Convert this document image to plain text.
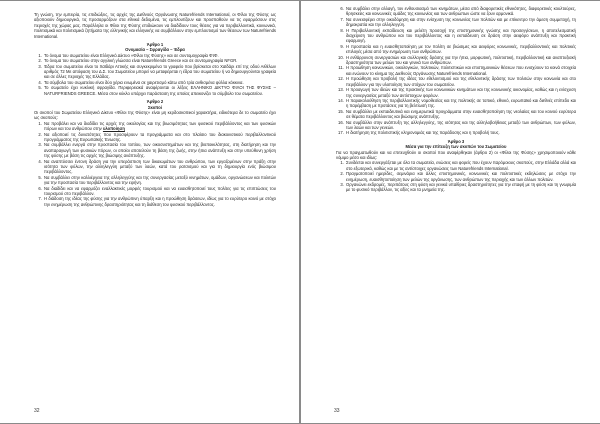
Τη γνώση, την εμπειρία, τις επιδιώξεις, τις αρχές της Διεθνούς Οργάνωσης Naturefriends International, οι Φίλοι της Φύσης ως αξιοποιούν δημιουργικά, τις προσαρμόζουν στα εθνικά δεδομένα, τις εμπλουτίζουν και προσπαθούν να τις εφαρμόσουν στις περιοχές της χώρας μας. Παράλληλα οι Φίλοι της Φύσης επιδιώκουν να διαδίδουν τους θέσεις για να περιβαλλοντικά, κοινωνικά, πολιτισμικά και πολιτισμικά ζητήματα της ελληνικής και ελληνικής να συμβάλλουν στην εμπλουτισμό των θέσεων των Naturefriends International.

Άρθρο 1

Ονομασία – Σφραγίδα – Έδρα

1. Το όνομα του σωματείου είναι Ελληνικό Δίκτυο «Φίλοι της Φύσης» και σε συντομογραφία ΦτΦ.
2. Το όνομα του σωματείου στην αγγλική γλώσσα είναι Naturefriends Greece και σε συντομογραφία NFGR.
3. Έδρα του σωματείου είναι το Χαϊδάρι Αττικής και συγκεκριμένα το γραφείο που βρίσκεται στο Χαϊδάρι επί της οδού Αιθέλων αριθμός 72 Με απόφαση του Δ.Σ. του Σωματείου μπορεί να μεταφέρεται η έδρα του σωματείου ή να δημιουργούνται γραφεία και σε άλλες περιοχές της Ελλάδας.
4. Τα σύμβολα του σωματείου είναι δύο χέρια ενωμένα σε χαιρετισμό κάτω από τρία ανθισμένα φύλλα κόκκινα.
5. Το σωματείο έχει κυκλική σφραγίδα. Περιφερειακά αναφέρονται οι λέξεις ΕΛΛΗΝΙΚΟ ΔΙΚΤΥΟ ΦΙΛΟΙ ΤΗΣ ΦΥΣΗΣ – NATURFRIENDS GREECE. Μέσα στον κύκλο υπάρχει παράσταση της οποίας απεικονίζει το σύμβολο του σωματείου.

Άρθρο 2

Σκοποί

Οι σκοποί του Σωματείου Ελληνικό Δίκτυο «Φίλοι της Φύσης» είναι μη κερδοσκοπικοί χαρακτήρα, ειδικότερα δε το σωματείο έχει ως σκοπούς:

1. Να προβάλει και να διαδίδει τις αρχές της οικολογίας και της βιωσιμότητας των φυσικού περιβάλλοντος και των φυσικών πόρων και του ανθρώπου στην υλοποίηση
2. Να αξιοποιεί τις δυνατότητες που προσφέρουν τα προγράμματα και στο πλαίσιο του διακοινοτικού περιβαλλοντικού προγράμματος της Ευρωπαϊκής Ένωσης.
3. Να συμβάλλει ενεργά στην προστασία του τοπίου, των οικοσυστημάτων και της βιοποικιλότητας, στη διατήρηση και την αναπαραγωγή των φυσικών πόρων, οι οποίοι αποτελούν τη βάση της ζωής, στην ήπια ανάπτυξη και στην υπεύθυνη χρήση της φύσης με βάση τις αρχές της βιώσιμης ανάπτυξης.
4. Να αναπτύσσει έντονη δράση για την υπεράσπιση των δικαιωμάτων του ανθρώπου, των εργαζομένων στην πράξη στην ισότητα των φύλων, την αλληλεγγύη μεταξύ των λαών, κατά του ρατσισμού και για τη δημιουργία ενός βιώσιμου περιβάλλοντος.
5. Να συμβάλλει στην καλλιέργεια της αλληλεγγύης και της συνεργασίας μεταξύ κινημάτων, ομάδων, οργανώσεων και πολιτών για την προστασία του περιβάλλοντος και την ειρήνη.
6. Να διαδίδει και να εφαρμόζει εναλλακτικές μορφές τουρισμού και να ευαισθητοποιεί τους πολίτες για τις επιπτώσεις του τουρισμού στο περιβάλλον.
7. Η διάδοση της ιδέας της φύσης για την ανθρώπινη ύπαρξη και η προώθηση δράσεων, ιδίως για το ευρύτερο κοινό με στόχο την ενημέρωση της ανθρώπινης δραστηριότητας και τη διάθεση του φυσικού περιβάλλοντος.
32
6. Να συμβάλει στην αλλαγή, τον ενθουσιασμό των κινημάτων, μέσα από διαφορετικές εθνικότητες, διαφορετικές κουλτούρες, θρησκείες και κοινωνικές ομάδες της κοινωνίας και των ανθρώπων ώστε να ζουν αρμονικά.
7. Να συνεισφέρει στην οικοδόμηση και στην ενίσχυση της κοινωνίας των πολιτών και με επίκεντρο την άμεση συμμετοχή, τη δημοκρατία και την αλληλεγγύη.
8. Η Περιβαλλοντική εκπαίδευση και μελέτη προσοχή της επιστημονικής γνώσης και προσεγγίσεων, η αποτελεσματική διαχείριση του ανθρώπου και του περιβάλλοντος και η εκπαίδευση σε δράση στην αειφόρο ανάπτυξη και πρακτική εφαρμογή.
9. Η προστασία και η ευαισθητοποίηση με τον πολίτη σε βιώσιμες και αειφόρες κοινωνικές, περιβαλλοντικές και πολιτικές επιλογές μέσα από την ενημέρωση των ανθρώπων.
10. Η ενθάρρυνση συνεργασιών και συλλογικής δράσης για την ήπια, μορφωτική, πολιτιστική, περιβαλλοντική και αναπτυξιακή δραστηριότητα των μελών του και γενικά των ανθρώπων.
11. Η προώθηση κοινωνικών, οικολογικών, πολιτικών, πολιτιστικών και επιστημονικών θέσεων που ενισχύουν τα κοινά στοιχεία και ενώνουν το κίνημα της Διεθνούς Οργάνωσης Naturefriends International.
12. Η προώθηση και προβολή της ιδέας του εθελοντισμού και της εθελοντικής δράσης των πολιτών στην κοινωνία και στο περιβάλλον για την υλοποίηση των στόχων του σωματείου.
13. Η προαγωγή των ιδεών και της πρακτικής των κοινωνικών κινημάτων και της κοινωνικής οικονομίας, καθώς και η ενίσχυση της συνεργασίας μεταξύ των αντίστοιχων φορέων.
14. Η παρακολούθηση της περιβαλλοντικής νομοθεσίας και της πολιτικής σε τοπικό, εθνικό, ευρωπαϊκό και διεθνές επίπεδο και η παρέμβαση με προτάσεις για τη βελτίωσή της.
15. Να συμβάλλει με εκπαιδευτικά και ενημερωτικά προγράμματα στην ευαισθητοποίηση της νεολαίας και του κοινού ευρύτερα σε θέματα περιβάλλοντος και βιώσιμης ανάπτυξης.
16. Να συμβάλλει στην ανάπτυξη της αλληλεγγύης, της ισότητας και της αλληλοβοήθειας μεταξύ των ανθρώπων, των φύλων, των λαών και των γενεών.
17. Η διατήρηση της πολιτιστικής κληρονομιάς και της παράδοσης και η προβολή τους.

Άρθρο 3

Μέσα για την επίτευξη των σκοπών του Σωματείου

Για να πραγματωθούν και να επιτευχθούν οι σκοποί που αναφέρθηκαν (άρθρο 2) οι «Φίλοι της Φύσης» χρησιμοποιούν κάθε νόμιμο μέσο και ιδίως:

1. Συνδέεται και συνεργάζεται με όλα τα σωματεία, ενώσεις και φορείς που έχουν παρόμοιους σκοπούς, στην Ελλάδα αλλά και στο εξωτερικό, καθώς και με τις αντίστοιχες οργανώσεις των Naturefriends International.
2. Πραγματοποιεί ημερίδες, σεμινάρια και άλλες επιστημονικές, κοινωνικές και πολιτιστικές εκδηλώσεις με στόχο την ενημέρωση, ευαισθητοποίηση των μελών της οργάνωσης, των ανθρώπων της περιοχής και των άλλων πολιτών.
3. Οργανώνει εκδρομές, περιπάτους στη φύση και γενικά υπαίθριες δραστηριότητες για την επαφή με τη φύση και τη γνωριμία με το φυσικό περιβάλλον, τις αξίες και τα μνημεία της.
33
